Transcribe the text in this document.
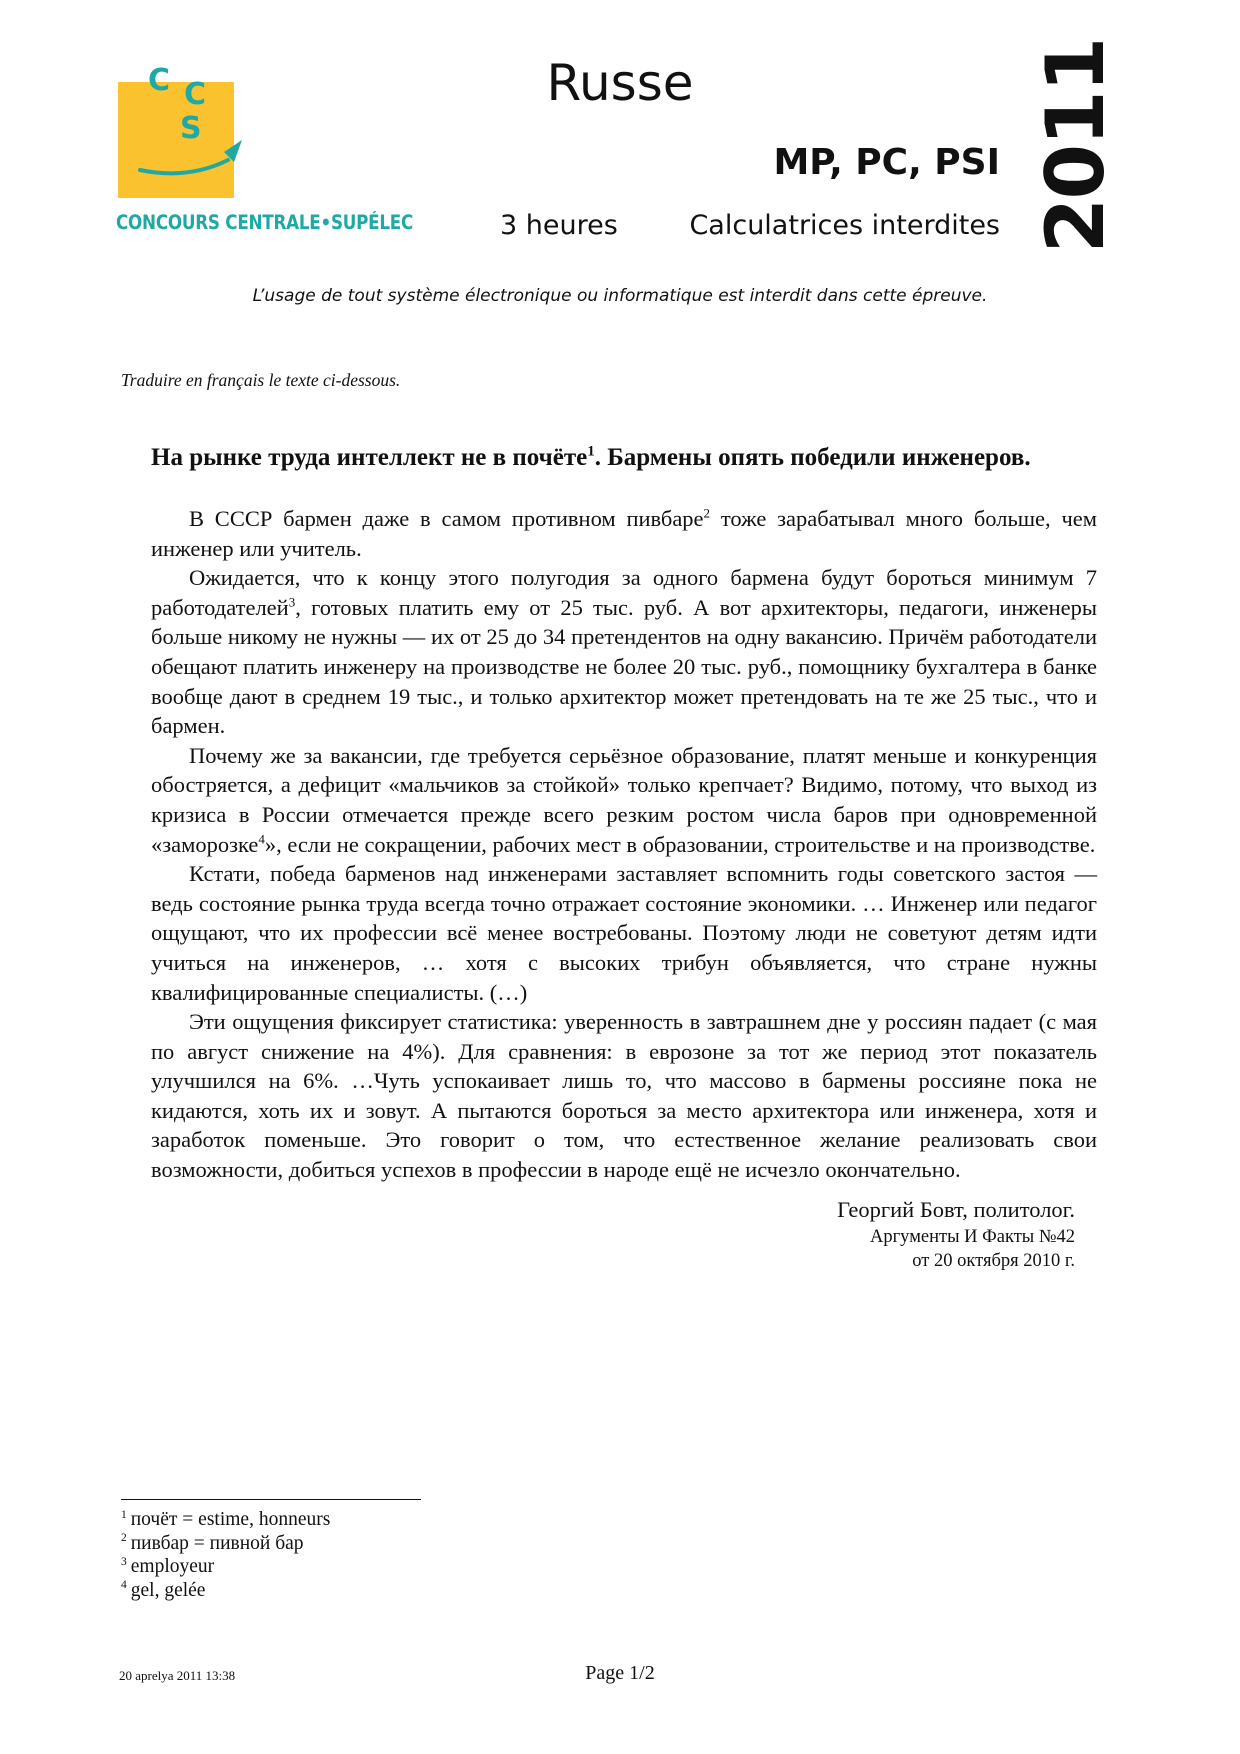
C C
S
CONCOURS CENTRALE•SUPÉLEC
Russe
MP, PC, PSI
3 heures	Calculatrices interdites 2011
L’usage de tout système électronique ou informatique est interdit dans cette épreuve.
Traduire en français le texte ci-dessous.
На рынке труда интеллект не в почёте$^1$. Бармены опять победили инженеров.

В СССР бармен даже в самом противном пивбаре$^2$ тоже зарабатывал много больше, чем инженер или учитель.

Ожидается, что к концу этого полугодия за одного бармена будут бороться минимум 7 работодателей$^3$, готовых платить ему от 25 тыс. руб. А вот архитекторы, педагоги, инженеры больше никому не нужны — их от 25 до 34 претендентов на одну вакансию. Причём работодатели обещают платить инженеру на производстве не более 20 тыс. руб., помощнику бухгалтера в банке вообще дают в среднем 19 тыс., и только архитектор может претендовать на те же 25 тыс., что и бармен.

Почему же за вакансии, где требуется серьёзное образование, платят меньше и конкуренция обостряется, а дефицит «мальчиков за стойкой» только крепчает? Видимо, потому, что выход из кризиса в России отмечается прежде всего резким ростом числа баров при одновременной «заморозке$^4$», если не сокращении, рабочих мест в образовании, строительстве и на производстве.

Кстати, победа барменов над инженерами заставляет вспомнить годы советского застоя — ведь состояние рынка труда всегда точно отражает состояние экономики. … Инженер или педагог ощущают, что их профессии всё менее востребованы. Поэтому люди не советуют детям идти учиться на инженеров, … хотя с высоких трибун объявляется, что стране нужны квалифицированные специалисты. (…)

Эти ощущения фиксирует статистика: уверенность в завтрашнем дне у россиян падает (с мая по август снижение на 4%). Для сравнения: в еврозоне за тот же период этот показатель улучшился на 6%. …Чуть успокаивает лишь то, что массово в бармены россияне пока не кидаются, хоть их и зовут. А пытаются бороться за место архитектора или инженера, хотя и заработок поменьше. Это говорит о том, что естественное желание реализовать свои возможности, добиться успехов в профессии в народе ещё не исчезло окончательно.

Георгий Бовт, политолог.
Аргументы И Факты №42
от 20 октября 2010 г.
$^1$ почёт = estime, honneurs
$^2$ пивбар = пивной бар
$^3$ employeur
$^4$ gel, gelée
20 aprelya 2011 13:38	Page 1/2
